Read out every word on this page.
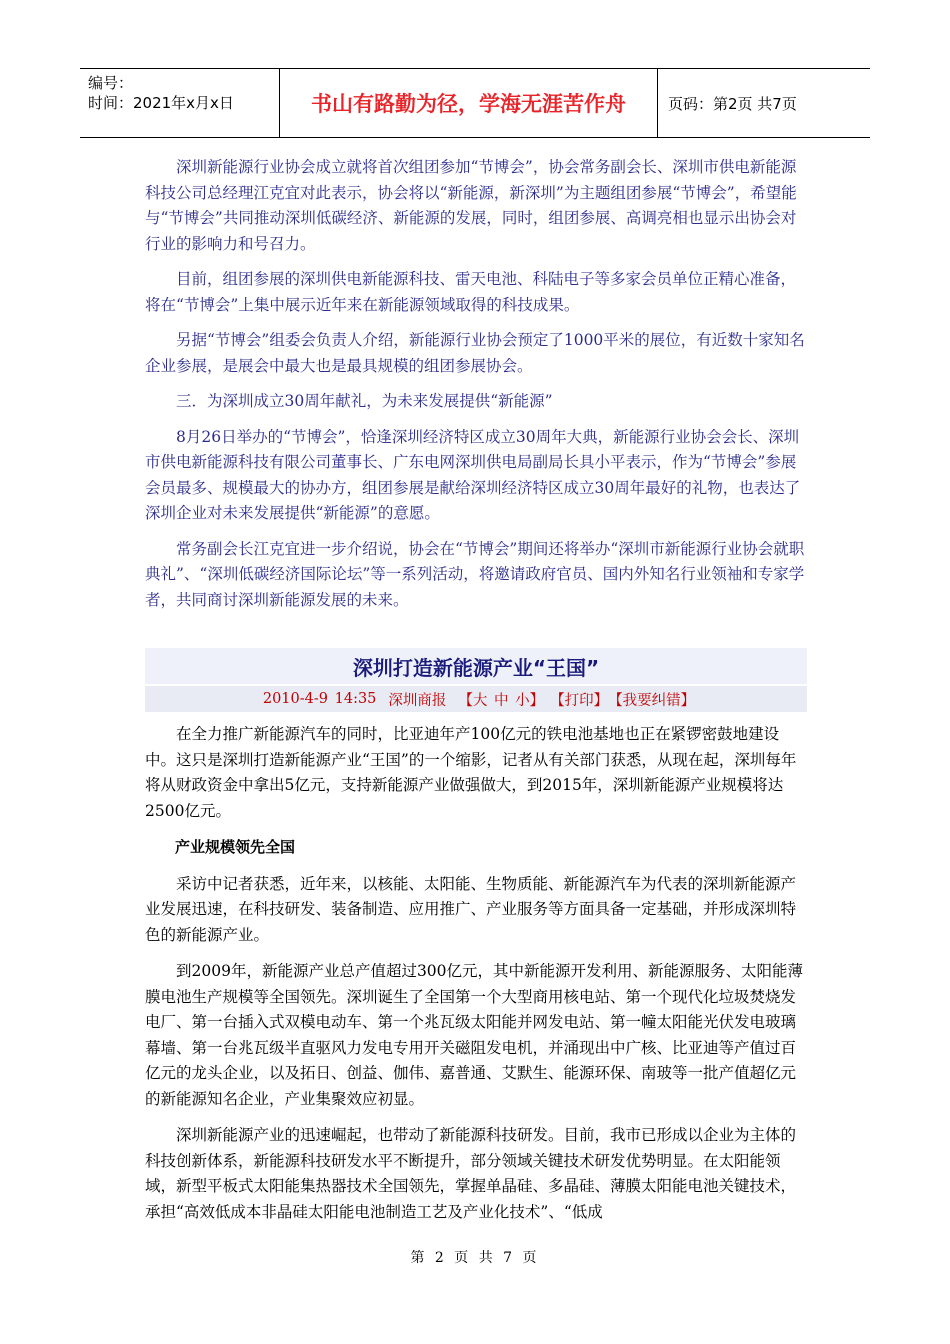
编号：
时间：2021年x月x日	书山有路勤为径，学海无涯苦作舟	页码：第2页 共7页

深圳新能源行业协会成立就将首次组团参加“节博会”，协会常务副会长、深圳市供电新能源科技公司总经理江克宜对此表示，协会将以“新能源，新深圳”为主题组团参展“节博会”，希望能与“节博会”共同推动深圳低碳经济、新能源的发展，同时，组团参展、高调亮相也显示出协会对行业的影响力和号召力。

目前，组团参展的深圳供电新能源科技、雷天电池、科陆电子等多家会员单位正精心准备，将在“节博会”上集中展示近年来在新能源领域取得的科技成果。

另据“节博会”组委会负责人介绍，新能源行业协会预定了1000平米的展位，有近数十家知名企业参展，是展会中最大也是最具规模的组团参展协会。

三．为深圳成立30周年献礼，为未来发展提供“新能源”

8月26日举办的“节博会”，恰逢深圳经济特区成立30周年大典，新能源行业协会会长、深圳市供电新能源科技有限公司董事长、广东电网深圳供电局副局长具小平表示，作为“节博会”参展会员最多、规模最大的协办方，组团参展是献给深圳经济特区成立30周年最好的礼物，也表达了深圳企业对未来发展提供“新能源”的意愿。

常务副会长江克宜进一步介绍说，协会在“节博会”期间还将举办“深圳市新能源行业协会就职典礼”、“深圳低碳经济国际论坛”等一系列活动，将邀请政府官员、国内外知名行业领袖和专家学者，共同商讨深圳新能源发展的未来。

深圳打造新能源产业“王国”
2010-4-9 14:35 深圳商报 【大 中 小】 【打印】 【我要纠错】

在全力推广新能源汽车的同时，比亚迪年产100亿元的铁电池基地也正在紧锣密鼓地建设中。这只是深圳打造新能源产业“王国”的一个缩影，记者从有关部门获悉，从现在起，深圳每年将从财政资金中拿出5亿元，支持新能源产业做强做大，到2015年，深圳新能源产业规模将达2500亿元。

产业规模领先全国

采访中记者获悉，近年来，以核能、太阳能、生物质能、新能源汽车为代表的深圳新能源产业发展迅速，在科技研发、装备制造、应用推广、产业服务等方面具备一定基础，并形成深圳特色的新能源产业。

到2009年，新能源产业总产值超过300亿元，其中新能源开发利用、新能源服务、太阳能薄膜电池生产规模等全国领先。深圳诞生了全国第一个大型商用核电站、第一个现代化垃圾焚烧发电厂、第一台插入式双模电动车、第一个兆瓦级太阳能并网发电站、第一幢太阳能光伏发电玻璃幕墙、第一台兆瓦级半直驱风力发电专用开关磁阻发电机，并涌现出中广核、比亚迪等产值过百亿元的龙头企业，以及拓日、创益、伽伟、嘉普通、艾默生、能源环保、南玻等一批产值超亿元的新能源知名企业，产业集聚效应初显。

深圳新能源产业的迅速崛起，也带动了新能源科技研发。目前，我市已形成以企业为主体的科技创新体系，新能源科技研发水平不断提升，部分领域关键技术研发优势明显。在太阳能领域，新型平板式太阳能集热器技术全国领先，掌握单晶硅、多晶硅、薄膜太阳能电池关键技术，承担“高效低成本非晶硅太阳能电池制造工艺及产业化技术”、“低成

第 2 页 共 7 页
